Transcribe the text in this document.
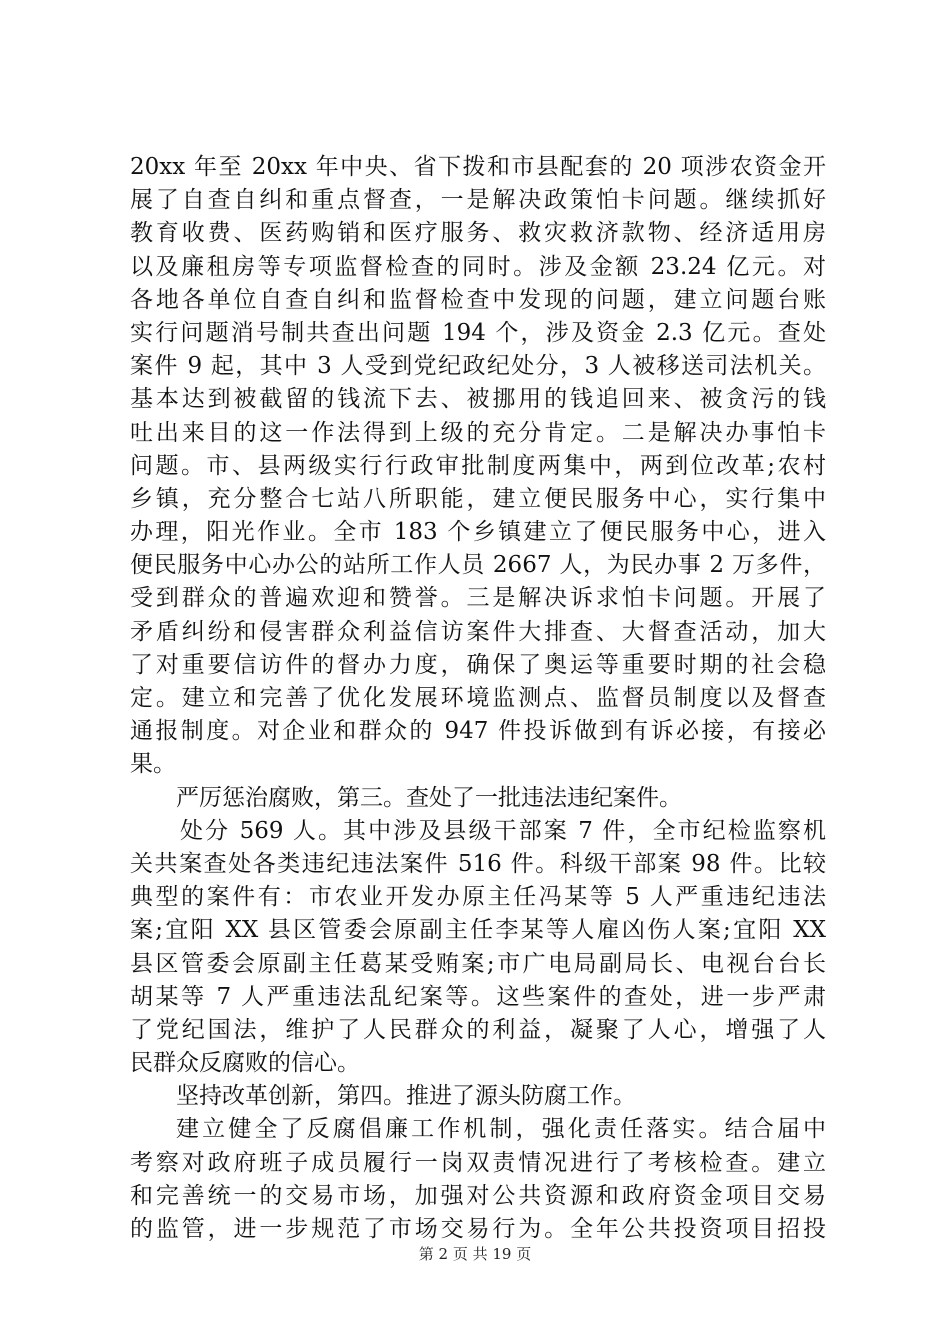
20xx 年至 20xx 年中央、省下拨和市县配套的 20 项涉农资金开
展了自查自纠和重点督查，一是解决政策怕卡问题。继续抓好
教育收费、医药购销和医疗服务、救灾救济款物、经济适用房
以及廉租房等专项监督检查的同时。涉及金额 23.24 亿元。对
各地各单位自查自纠和监督检查中发现的问题，建立问题台账
实行问题消号制共查出问题 194 个，涉及资金 2.3 亿元。查处
案件 9 起，其中 3 人受到党纪政纪处分，3 人被移送司法机关。
基本达到被截留的钱流下去、被挪用的钱追回来、被贪污的钱
吐出来目的这一作法得到上级的充分肯定。二是解决办事怕卡
问题。市、县两级实行行政审批制度两集中，两到位改革;农村
乡镇，充分整合七站八所职能，建立便民服务中心，实行集中
办理，阳光作业。全市 183 个乡镇建立了便民服务中心，进入
便民服务中心办公的站所工作人员 2667 人，为民办事 2 万多件，
受到群众的普遍欢迎和赞誉。三是解决诉求怕卡问题。开展了
矛盾纠纷和侵害群众利益信访案件大排查、大督查活动，加大
了对重要信访件的督办力度，确保了奥运等重要时期的社会稳
定。建立和完善了优化发展环境监测点、监督员制度以及督查
通报制度。对企业和群众的 947 件投诉做到有诉必接，有接必
果。
严厉惩治腐败，第三。查处了一批违法违纪案件。
处分 569 人。其中涉及县级干部案 7 件，全市纪检监察机
关共案查处各类违纪违法案件 516 件。科级干部案 98 件。比较
典型的案件有：市农业开发办原主任冯某等 5 人严重违纪违法
案;宜阳 XX 县区管委会原副主任李某等人雇凶伤人案;宜阳 XX
县区管委会原副主任葛某受贿案;市广电局副局长、电视台台长
胡某等 7 人严重违法乱纪案等。这些案件的查处，进一步严肃
了党纪国法，维护了人民群众的利益，凝聚了人心，增强了人
民群众反腐败的信心。
坚持改革创新，第四。推进了源头防腐工作。
建立健全了反腐倡廉工作机制，强化责任落实。结合届中
考察对政府班子成员履行一岗双责情况进行了考核检查。建立
和完善统一的交易市场，加强对公共资源和政府资金项目交易
的监管，进一步规范了市场交易行为。全年公共投资项目招投
第 2 页 共 19 页
